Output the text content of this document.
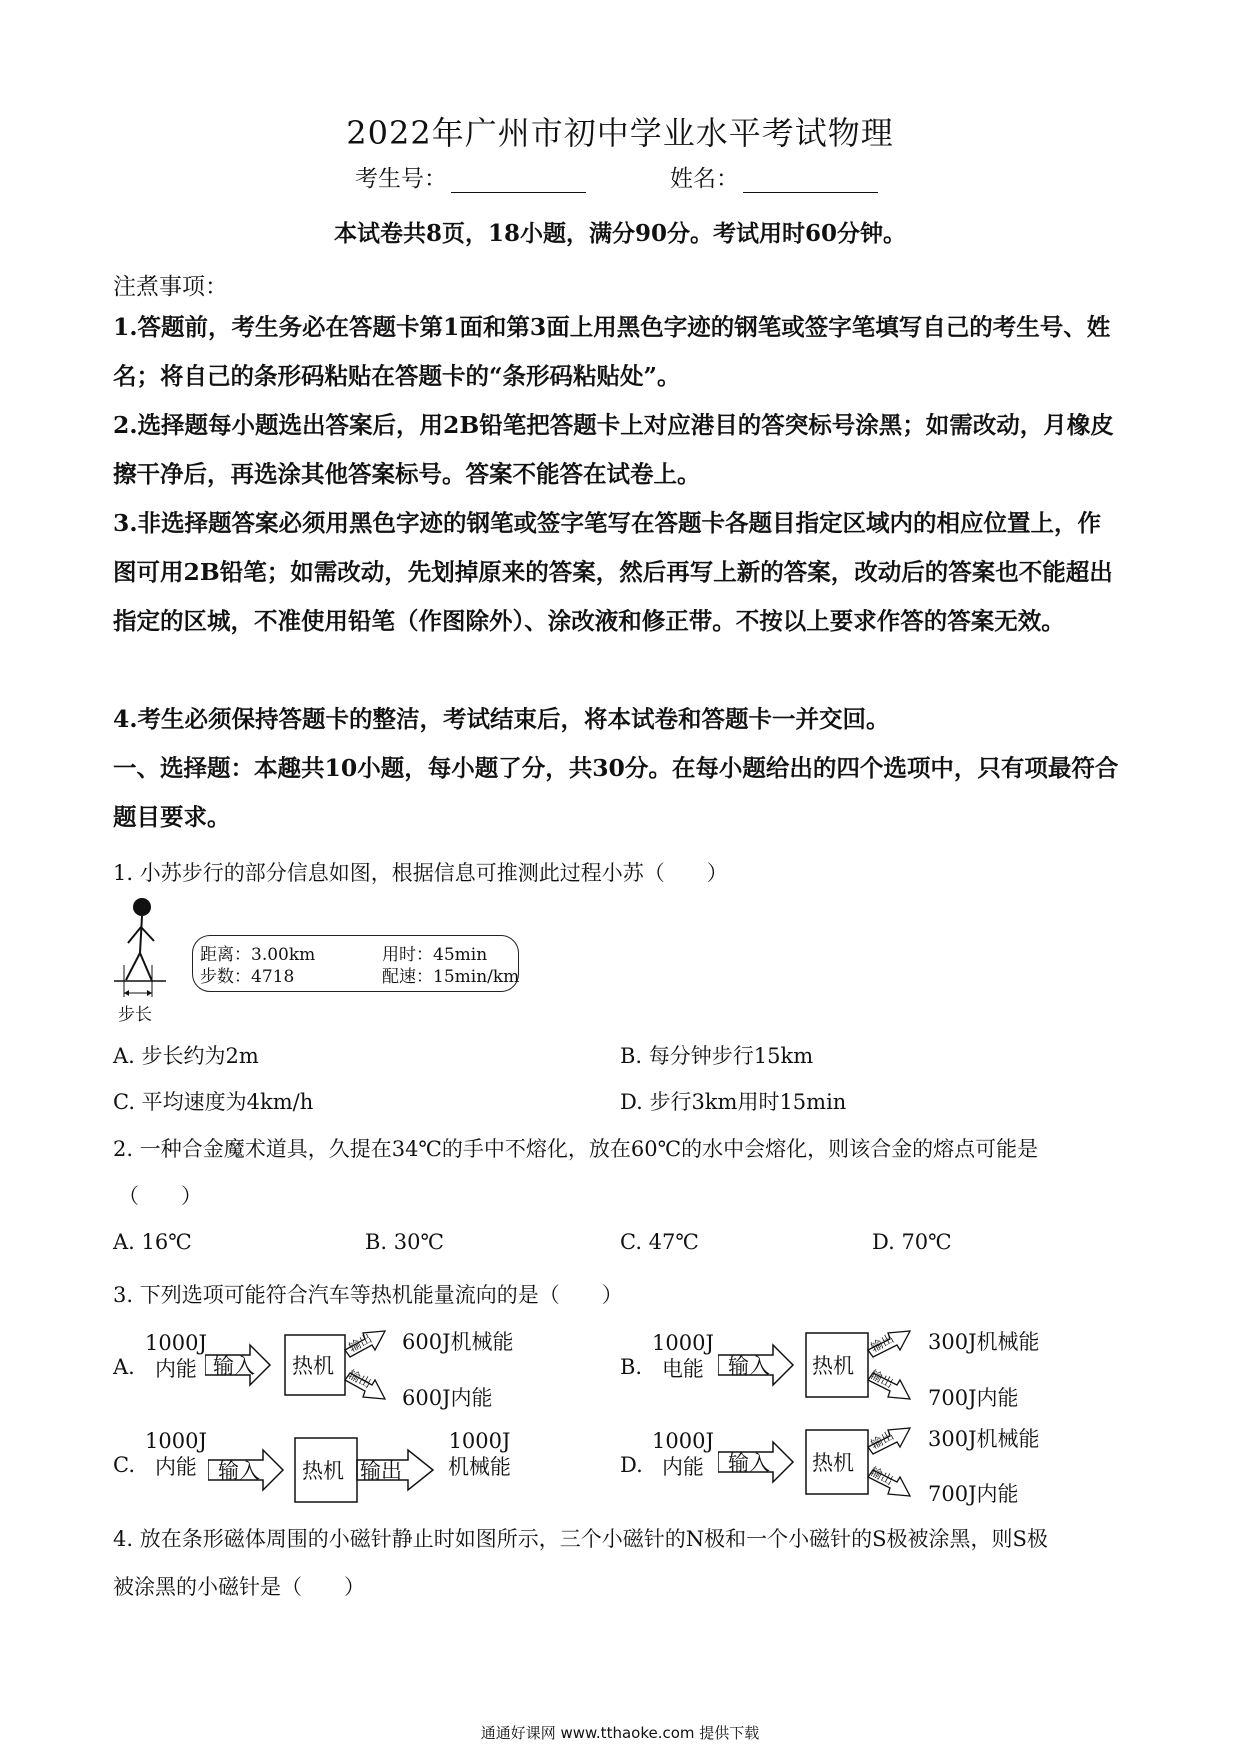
2022年广州市初中学业水平考试物理
考生号：	姓名：
本试卷共8页，18小题，满分90分。考试用时60分钟。
注煮事项：
1.答题前，考生务必在答题卡第1面和第3面上用黑色字迹的钢笔或签字笔填写自己的考生号、姓名；将自己的条形码粘贴在答题卡的“条形码粘贴处”。
2.选择题每小题选出答案后，用2B铅笔把答题卡上对应港目的答突标号涂黑；如需改动，月橡皮擦干净后，再选涂其他答案标号。答案不能答在试卷上。
3.非选择题答案必须用黑色字迹的钢笔或签字笔写在答题卡各题目指定区域内的相应位置上，作图可用2B铅笔；如需改动，先划掉原来的答案，然后再写上新的答案，改动后的答案也不能超出指定的区城，不准使用铅笔（作图除外）、涂改液和修正带。不按以上要求作答的答案无效。
4.考生必须保持答题卡的整洁，考试结束后，将本试卷和答题卡一并交回。
一、选择题：本趣共10小题，每小题了分，共30分。在每小题给出的四个选项中，只有项最符合题目要求。
1. 小苏步行的部分信息如图，根据信息可推测此过程小苏（　　）
步长
距离：3.00km	用时：45min
步数：4718	配速：15min/km
A. 步长约为2m	B. 每分钟步行15km
C. 平均速度为4km/h	D. 步行3km用时15min
2. 一种合金魔术道具，久提在34℃的手中不熔化，放在60℃的水中会熔化，则该合金的熔点可能是
（　　）
A. 16℃	B. 30℃	C. 47℃	D. 70℃
3. 下列选项可能符合汽车等热机能量流向的是（　　）
A.
1000J
内能 输入 热机
输出
输出
600J机械能
600J内能
B.
1000J
电能	输入 热机
输出
输出
300J机械能
700J内能
C.
1000J
内能	输入 热机 输出
1000J
机械能	D.
1000J
内能	输入 热机
输出
输出
300J机械能
700J内能
4. 放在条形磁体周围的小磁针静止时如图所示，三个小磁针的N极和一个小磁针的S极被涂黑，则S极
被涂黑的小磁针是（　　）
通通好课网 www.tthaoke.com 提供下载
